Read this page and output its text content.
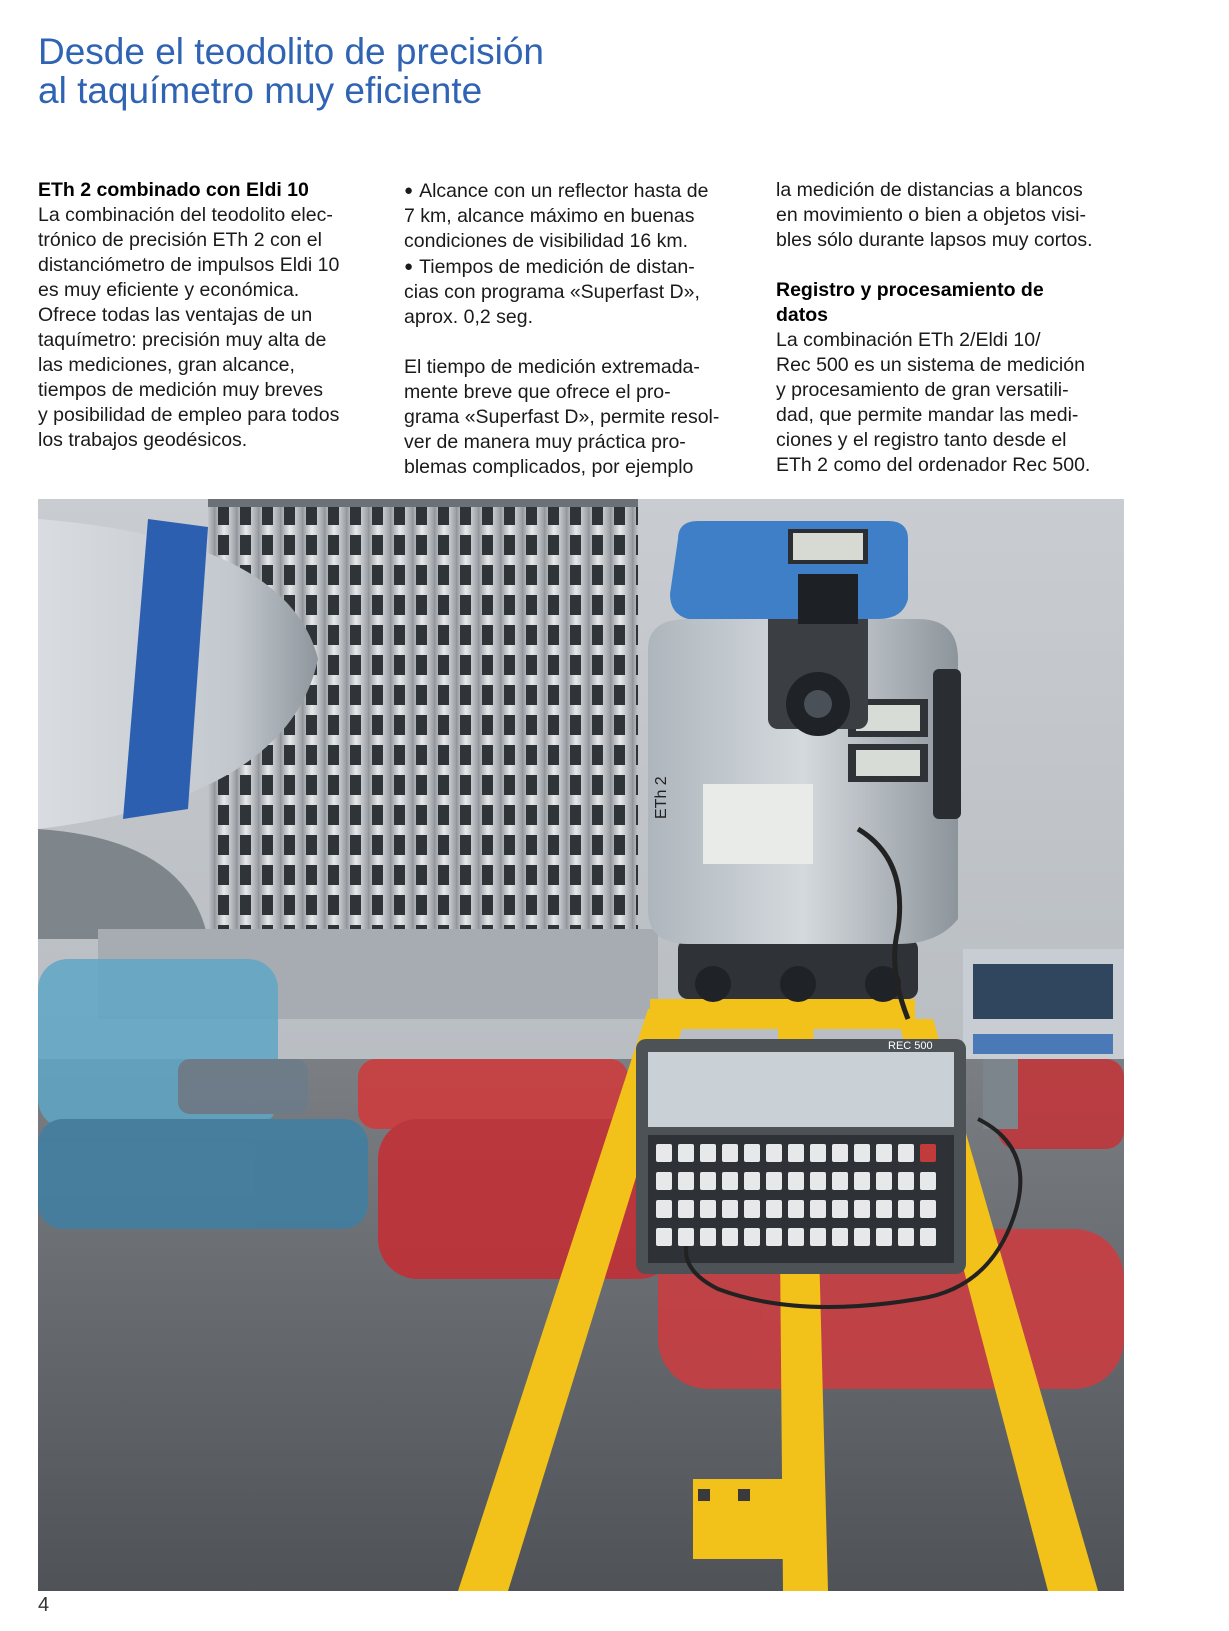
Desde el teodolito de precisión
al taquímetro muy eficiente
ETh 2 combinado con Eldi 10

La combinación del teodolito elec-

trónico de precisión ETh 2 con el

distanciómetro de impulsos Eldi 10

es muy eficiente y económica.

Ofrece todas las ventajas de un

taquímetro: precisión muy alta de

las mediciones, gran alcance,

tiempos de medición muy breves

y posibilidad de empleo para todos

los trabajos geodésicos.

● Alcance con un reflector hasta de

7 km, alcance máximo en buenas

condiciones de visibilidad 16 km.

● Tiempos de medición de distan-

cias con programa «Superfast D»,

aprox. 0,2 seg.

El tiempo de medición extremada-

mente breve que ofrece el pro-

grama «Superfast D», permite resol-

ver de manera muy práctica pro-

blemas complicados, por ejemplo

la medición de distancias a blancos

en movimiento o bien a objetos visi-

bles sólo durante lapsos muy cortos.

Registro y procesamiento de
datos

La combinación ETh 2/Eldi 10/

Rec 500 es un sistema de medición

y procesamiento de gran versatili-

dad, que permite mandar las medi-

ciones y el registro tanto desde el

ETh 2 como del ordenador Rec 500.

ETh 2
REC 500
4
